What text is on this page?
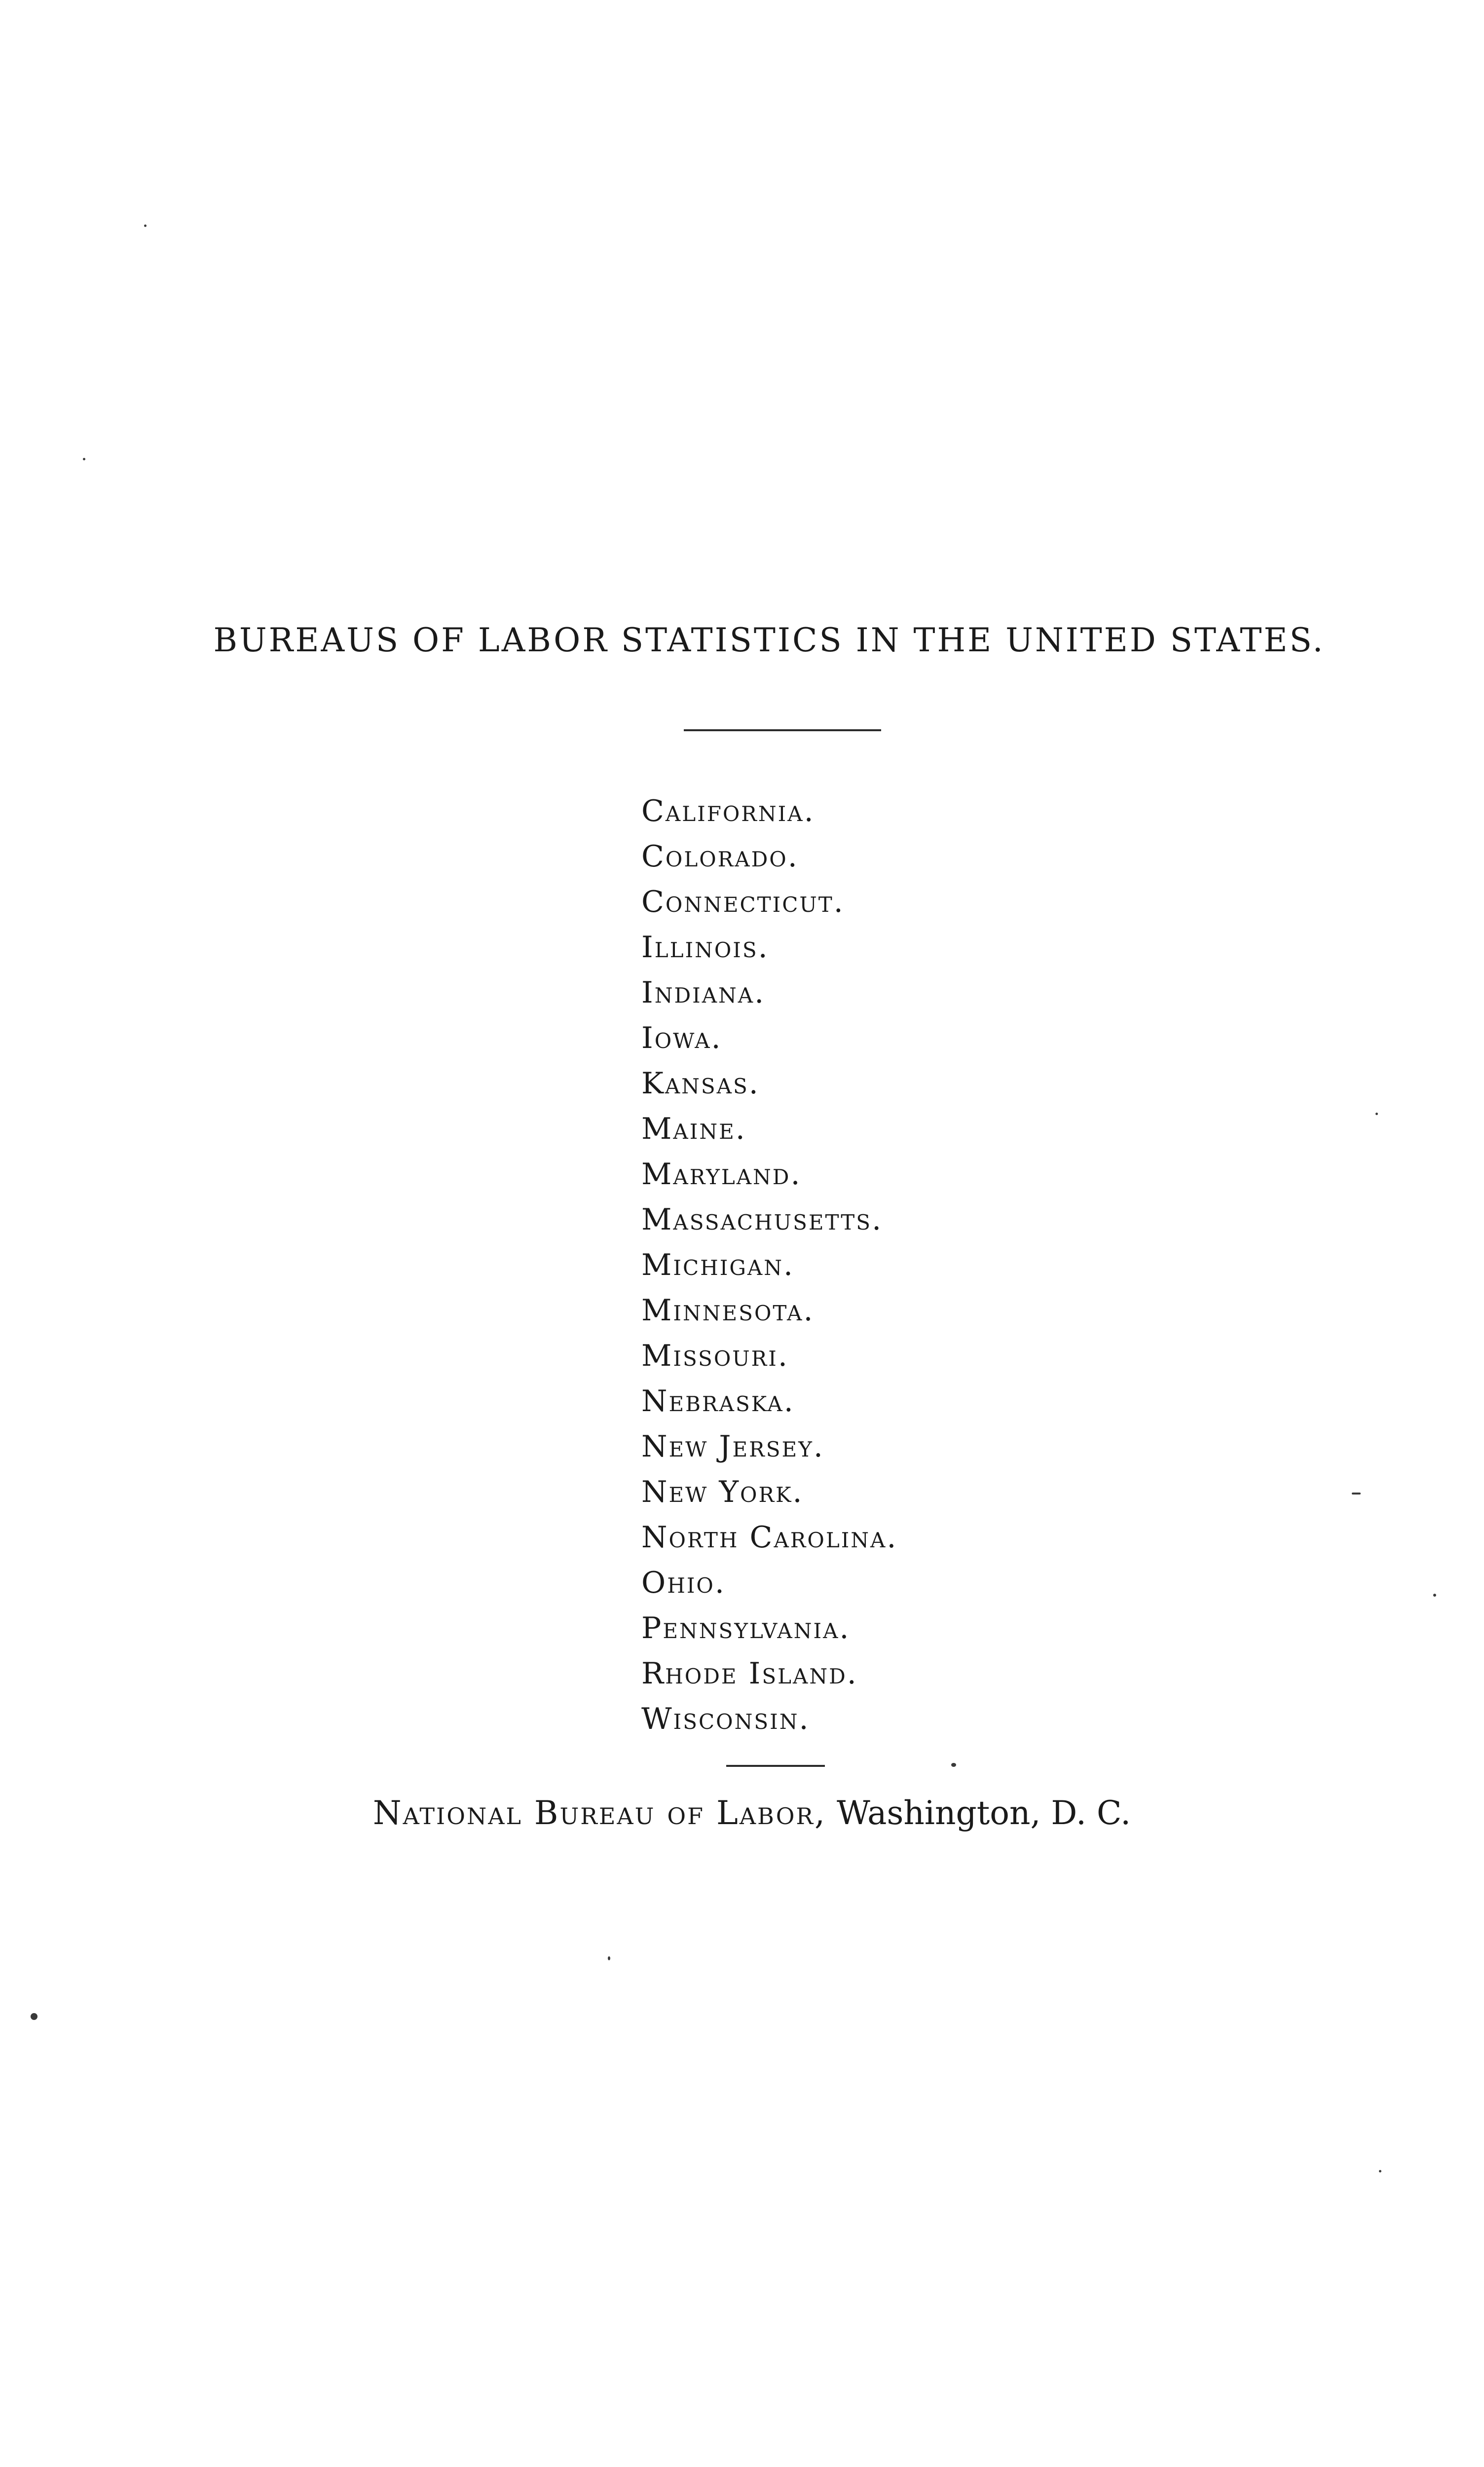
BUREAUS OF LABOR STATISTICS IN THE UNITED STATES.
California.
Colorado.
Connecticut.
Illinois.
Indiana.
Iowa.
Kansas.
Maine.
Maryland.
Massachusetts.
Michigan.
Minnesota.
Missouri.
Nebraska.
New Jersey.
New York.
North Carolina.
Ohio.
Pennsylvania.
Rhode Island.
Wisconsin.
National Bureau of Labor, Washington, D. C.
